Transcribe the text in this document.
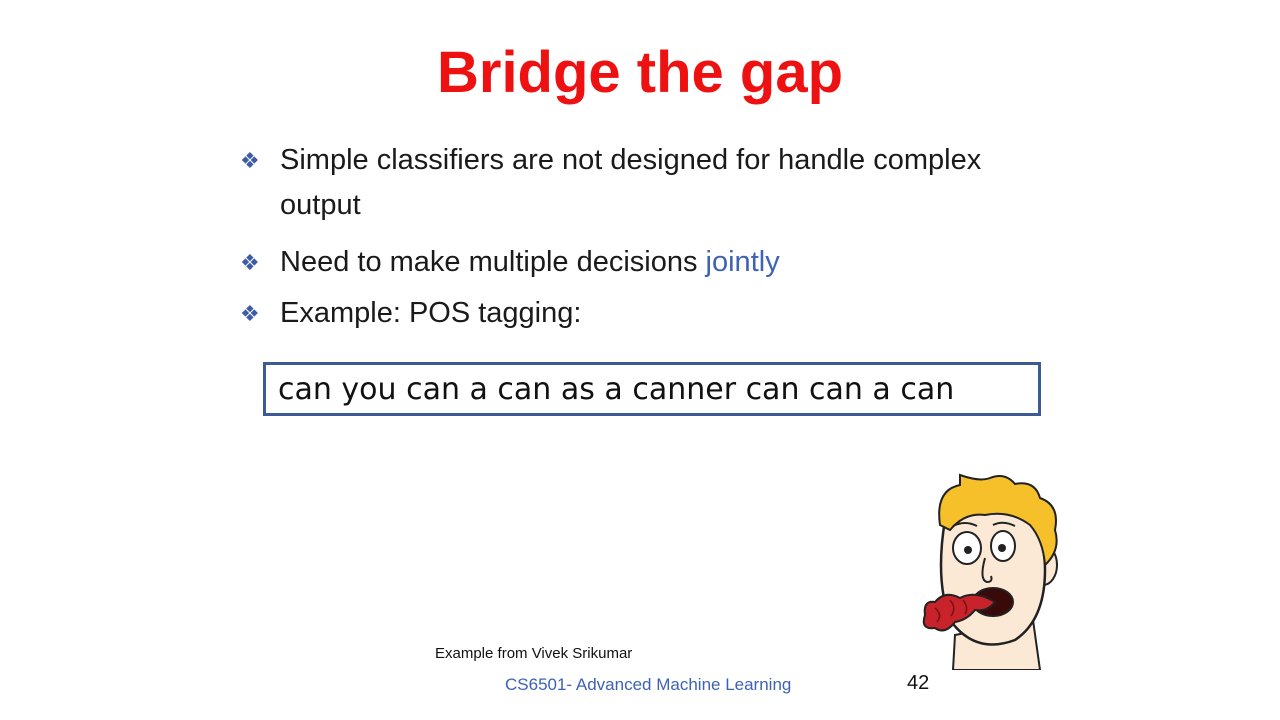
Bridge the gap
❖ Simple classifiers are not designed for handle complex output
❖ Need to make multiple decisions jointly
❖ Example: POS tagging:
can you can a can as a canner can can a can
Example from Vivek Srikumar
CS6501- Advanced Machine Learning	42
